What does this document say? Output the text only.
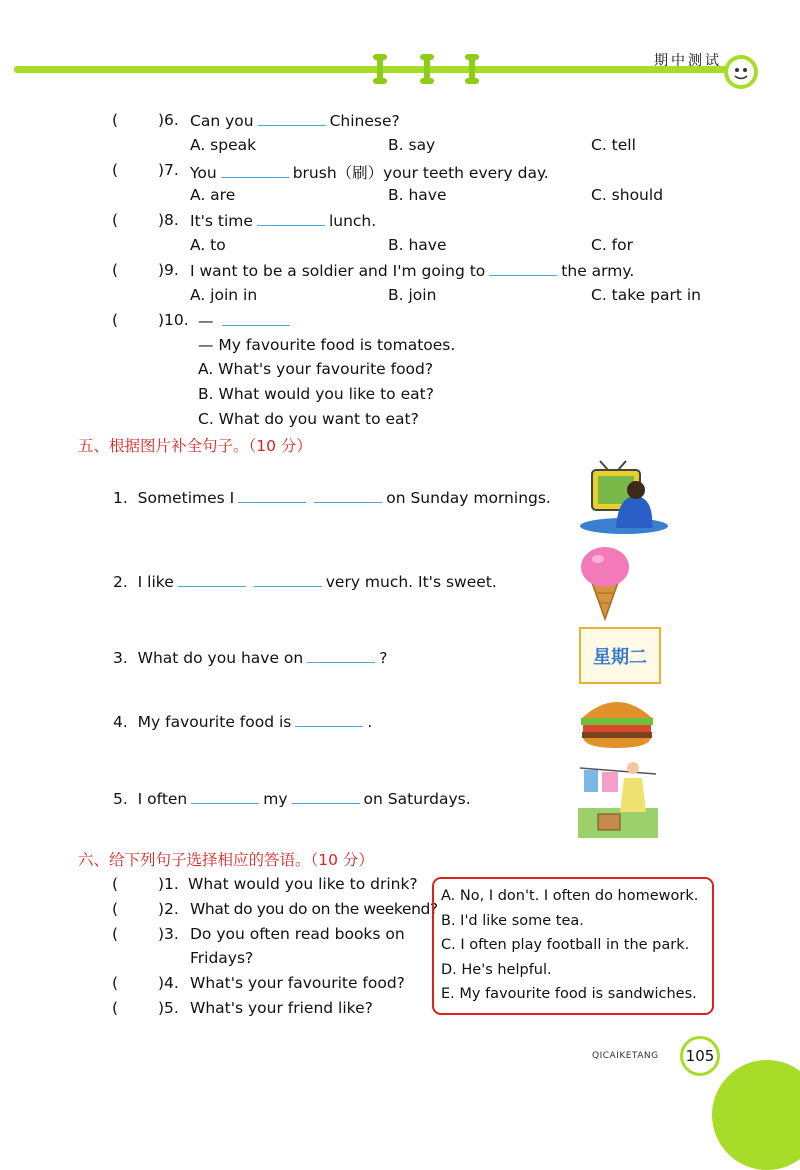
期中测试
(	)6. Can you	Chinese?
A. speak	B. say	C. tell
(	)7. You	brush（刷）your teeth every day.
A. are	B. have	C. should
(	)8. It's time	lunch.
A. to	B. have	C. for
(	)9. I want to be a soldier and I'm going to	the army.
A. join in	B. join	C. take part in
(	)10. —
— My favourite food is tomatoes.
A. What's your favourite food?
B. What would you like to eat?
C. What do you want to eat?
五、根据图片补全句子。（10 分）
1. Sometimes I	on Sunday mornings.
2. I like	very much. It's sweet.
3. What do you have on	?
4. My favourite food is	.
5. I often	my	on Saturdays.
星期二
六、给下列句子选择相应的答语。（10 分）
(	)1. What would you like to drink?
(	)2. What do you do on the weekend?
(	)3. Do you often read books on
Fridays?
(	)4. What's your favourite food?
(	)5. What's your friend like?
A. No, I don't. I often do homework.
B. I'd like some tea.
C. I often play football in the park.
D. He's helpful.
E. My favourite food is sandwiches.
QICAIKETANG 105
